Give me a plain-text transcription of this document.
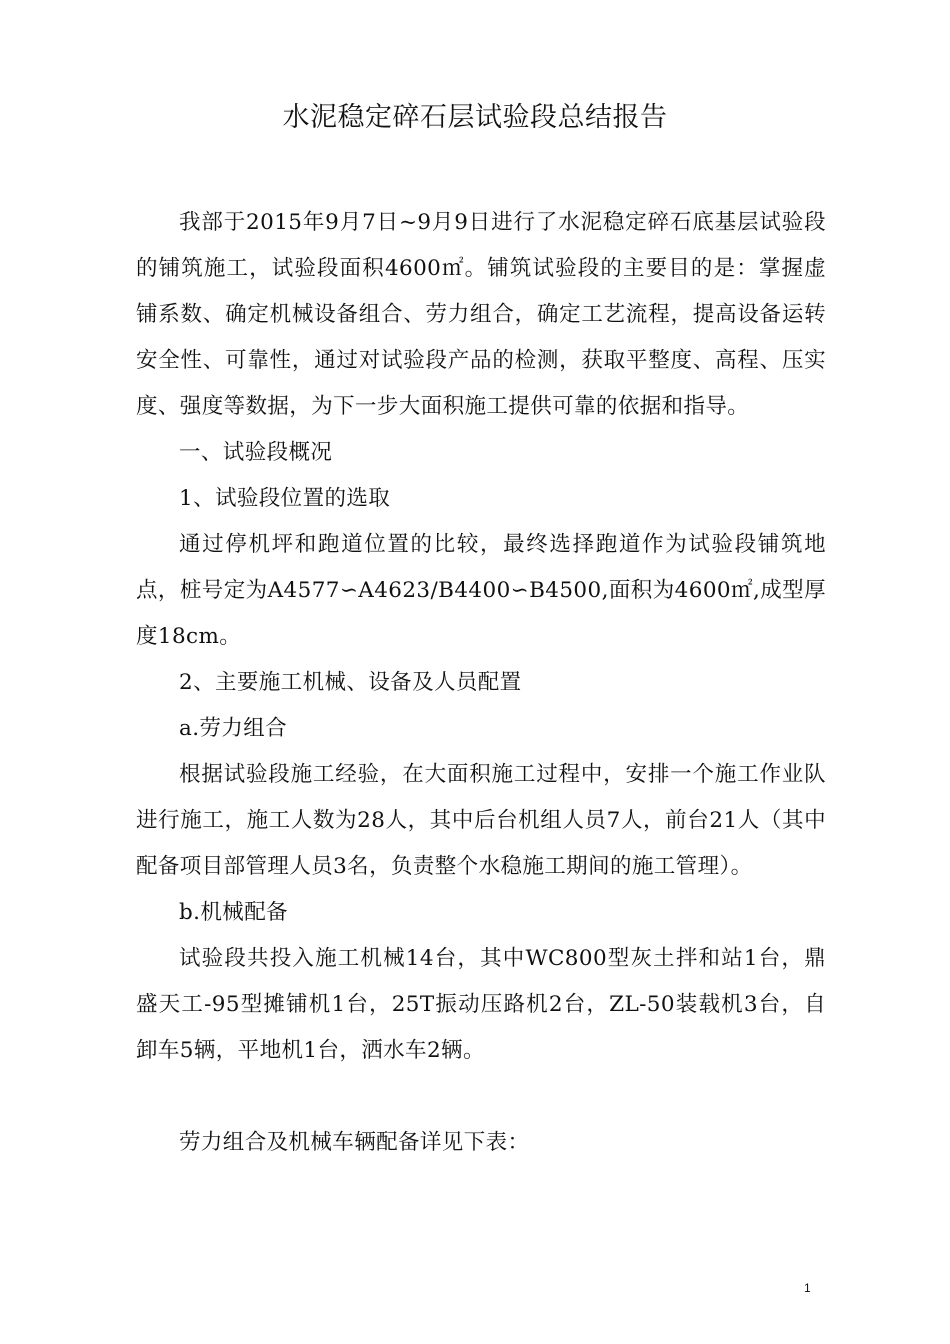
水泥稳定碎石层试验段总结报告

我部于2015年9月7日~9月9日进行了水泥稳定碎石底基层试验段的铺筑施工，试验段面积4600㎡。铺筑试验段的主要目的是：掌握虚铺系数、确定机械设备组合、劳力组合，确定工艺流程，提高设备运转安全性、可靠性，通过对试验段产品的检测，获取平整度、高程、压实度、强度等数据，为下一步大面积施工提供可靠的依据和指导。

一、试验段概况
1、试验段位置的选取

通过停机坪和跑道位置的比较，最终选择跑道作为试验段铺筑地点，桩号定为A4577∽A4623/B4400∽B4500,面积为4600㎡,成型厚度18cm。

2、主要施工机械、设备及人员配置
a.劳力组合

根据试验段施工经验，在大面积施工过程中，安排一个施工作业队进行施工，施工人数为28人，其中后台机组人员7人，前台21人（其中配备项目部管理人员3名，负责整个水稳施工期间的施工管理）。

b.机械配备

试验段共投入施工机械14台，其中WC800型灰土拌和站1台，鼎盛天工-95型摊铺机1台，25T振动压路机2台，ZL-50装载机3台，自卸车5辆，平地机1台，洒水车2辆。

劳力组合及机械车辆配备详见下表：

1
